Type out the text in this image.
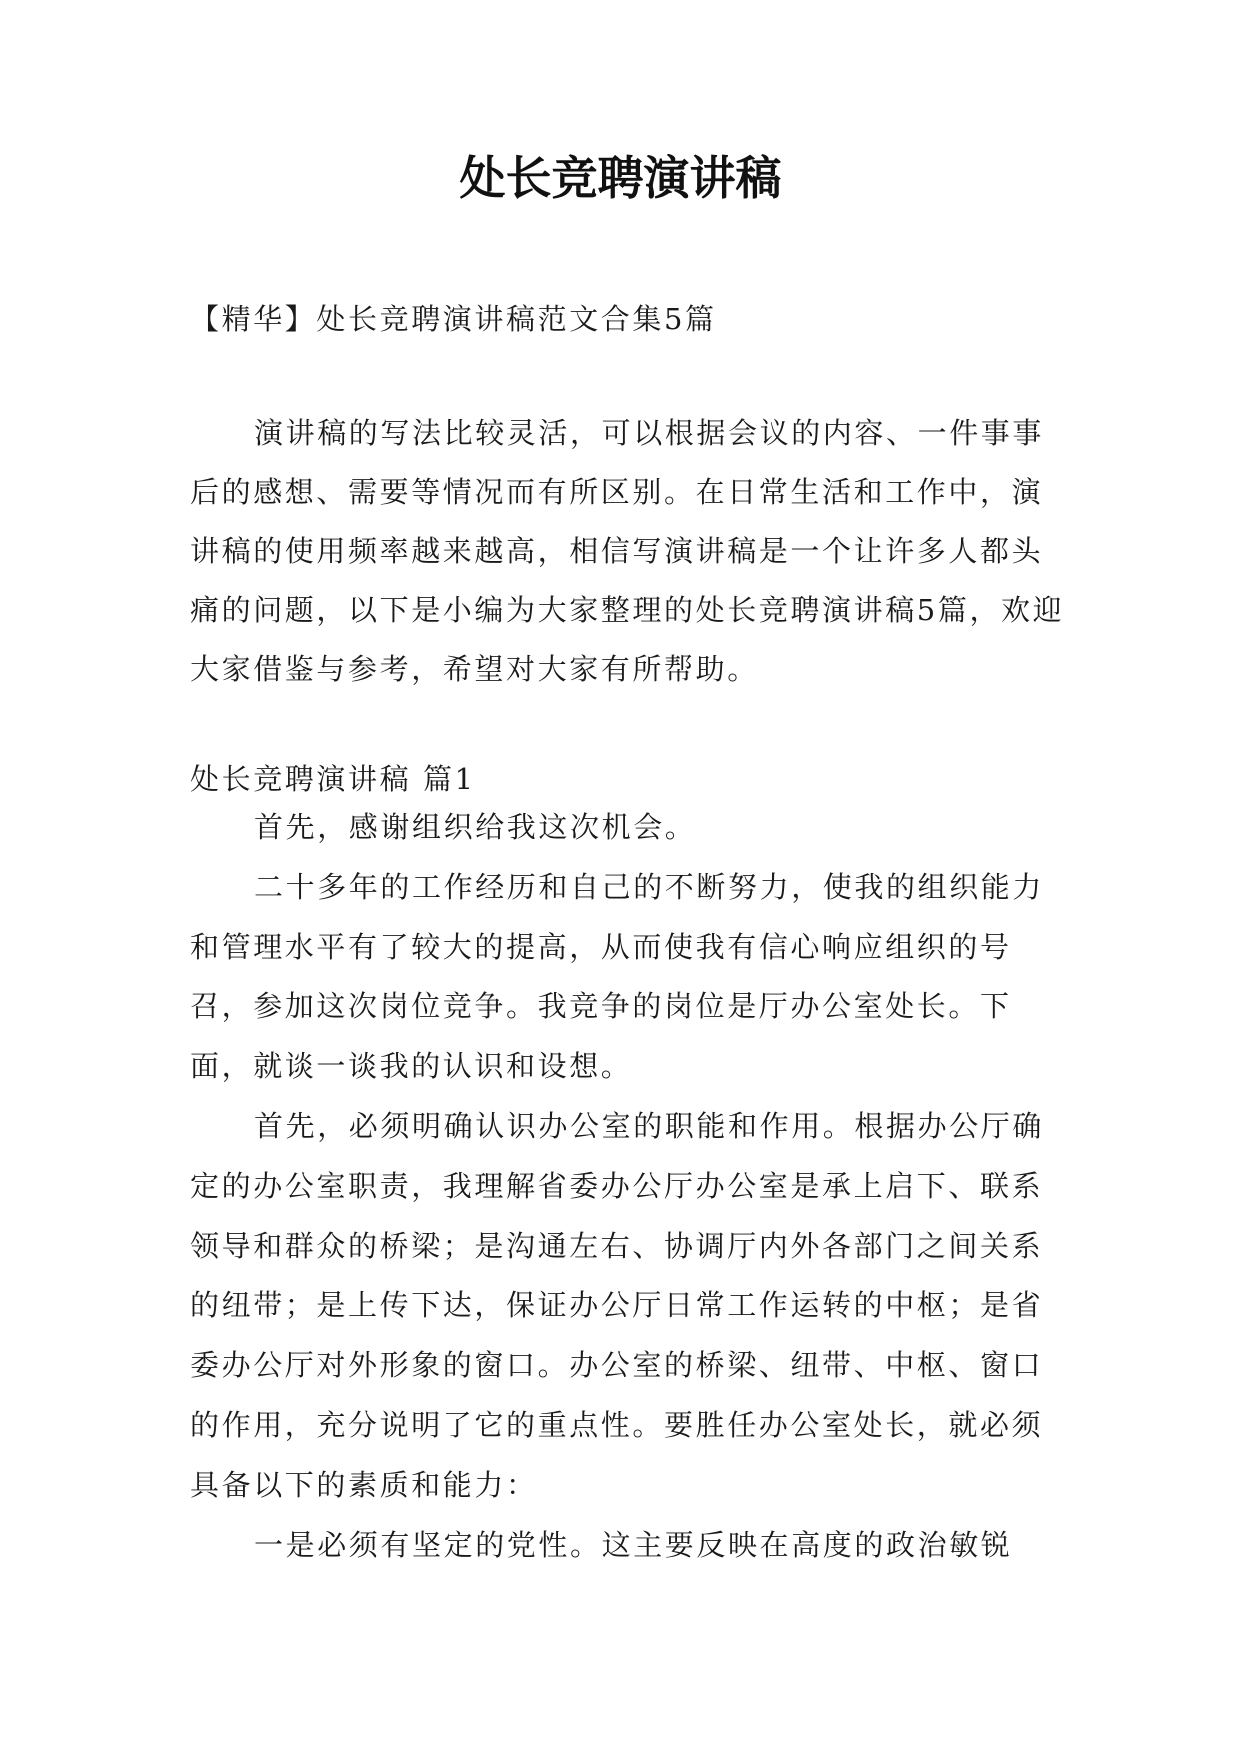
处长竞聘演讲稿

【精华】处长竞聘演讲稿范文合集5篇

演讲稿的写法比较灵活，可以根据会议的内容、一件事事后的感想、需要等情况而有所区别。在日常生活和工作中，演讲稿的使用频率越来越高，相信写演讲稿是一个让许多人都头痛的问题，以下是小编为大家整理的处长竞聘演讲稿5篇，欢迎大家借鉴与参考，希望对大家有所帮助。

处长竞聘演讲稿 篇1

首先，感谢组织给我这次机会。

二十多年的工作经历和自己的不断努力，使我的组织能力和管理水平有了较大的提高，从而使我有信心响应组织的号召，参加这次岗位竞争。我竞争的岗位是厅办公室处长。下面，就谈一谈我的认识和设想。

首先，必须明确认识办公室的职能和作用。根据办公厅确定的办公室职责，我理解省委办公厅办公室是承上启下、联系领导和群众的桥梁；是沟通左右、协调厅内外各部门之间关系的纽带；是上传下达，保证办公厅日常工作运转的中枢；是省委办公厅对外形象的窗口。办公室的桥梁、纽带、中枢、窗口的作用，充分说明了它的重点性。要胜任办公室处长，就必须具备以下的素质和能力：

一是必须有坚定的党性。这主要反映在高度的政治敏锐
